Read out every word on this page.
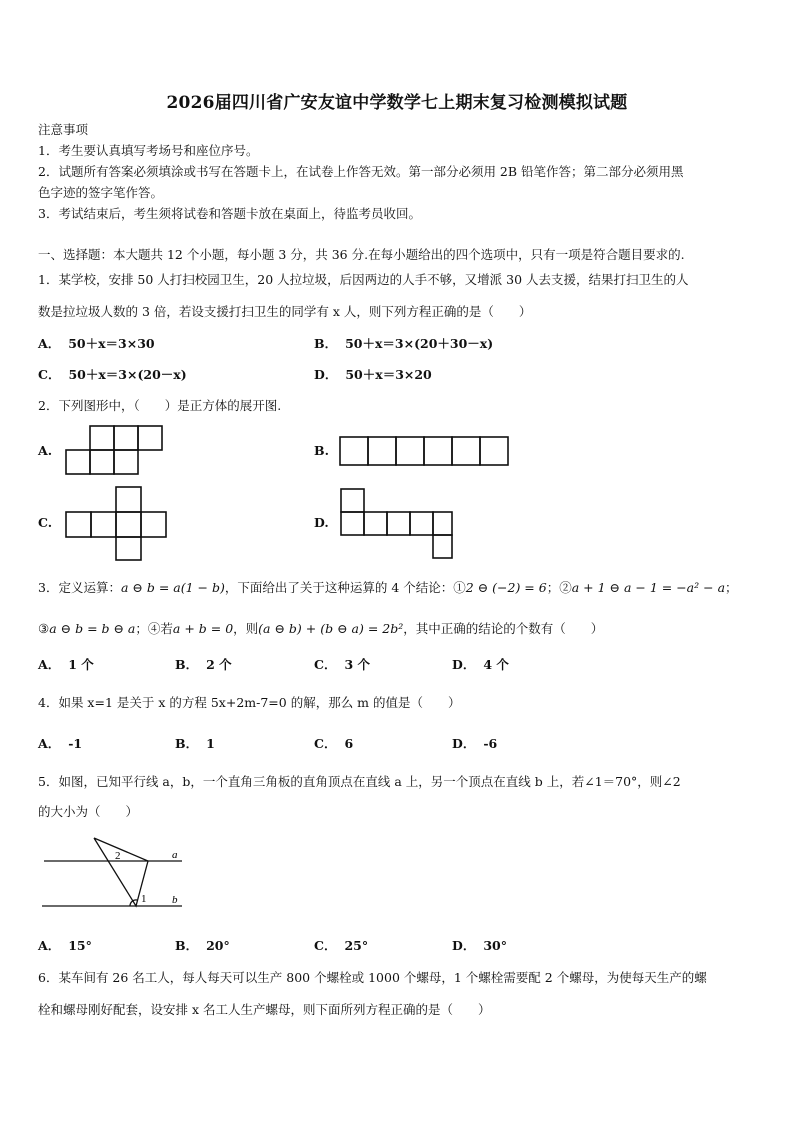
2026届四川省广安友谊中学数学七上期末复习检测模拟试题
注意事项
1．考生要认真填写考场号和座位序号。
2．试题所有答案必须填涂或书写在答题卡上，在试卷上作答无效。第一部分必须用 2B 铅笔作答；第二部分必须用黑
色字迹的签字笔作答。
3．考试结束后，考生须将试卷和答题卡放在桌面上，待监考员收回。
一、选择题：本大题共 12 个小题，每小题 3 分，共 36 分.在每小题给出的四个选项中，只有一项是符合题目要求的.
1．某学校，安排 50 人打扫校园卫生，20 人拉垃圾，后因两边的人手不够，又增派 30 人去支援，结果打扫卫生的人
数是拉垃圾人数的 3 倍，若设支援打扫卫生的同学有 x 人，则下列方程正确的是（　　）
A． 50＋x＝3×30	B． 50＋x＝3×(20＋30－x)
C． 50＋x＝3×(20－x)	D． 50＋x＝3×20
2．下列图形中，（　　）是正方体的展开图.
A.	B.
C.	D.
3．定义运算：a ⊖ b = a(1 − b)，下面给出了关于这种运算的 4 个结论：①2 ⊖ (−2) = 6；②a + 1 ⊖ a − 1 = −a² − a；
③a ⊖ b = b ⊖ a；④若a + b = 0，则(a ⊖ b) + (b ⊖ a) = 2b²，其中正确的结论的个数有（　　）
A． 1 个	B． 2 个	C． 3 个	D． 4 个
4．如果 x=1 是关于 x 的方程 5x+2m-7=0 的解，那么 m 的值是（　　）
A． -1	B． 1	C． 6	D． -6
5．如图，已知平行线 a，b，一个直角三角板的直角顶点在直线 a 上，另一个顶点在直线 b 上，若∠1＝70°，则∠2
的大小为（　　）
1
2	a
b
A． 15°	B． 20°	C． 25°	D． 30°
6．某车间有 26 名工人，每人每天可以生产 800 个螺栓或 1000 个螺母，1 个螺栓需要配 2 个螺母，为使每天生产的螺
栓和螺母刚好配套，设安排 x 名工人生产螺母，则下面所列方程正确的是（　　）
